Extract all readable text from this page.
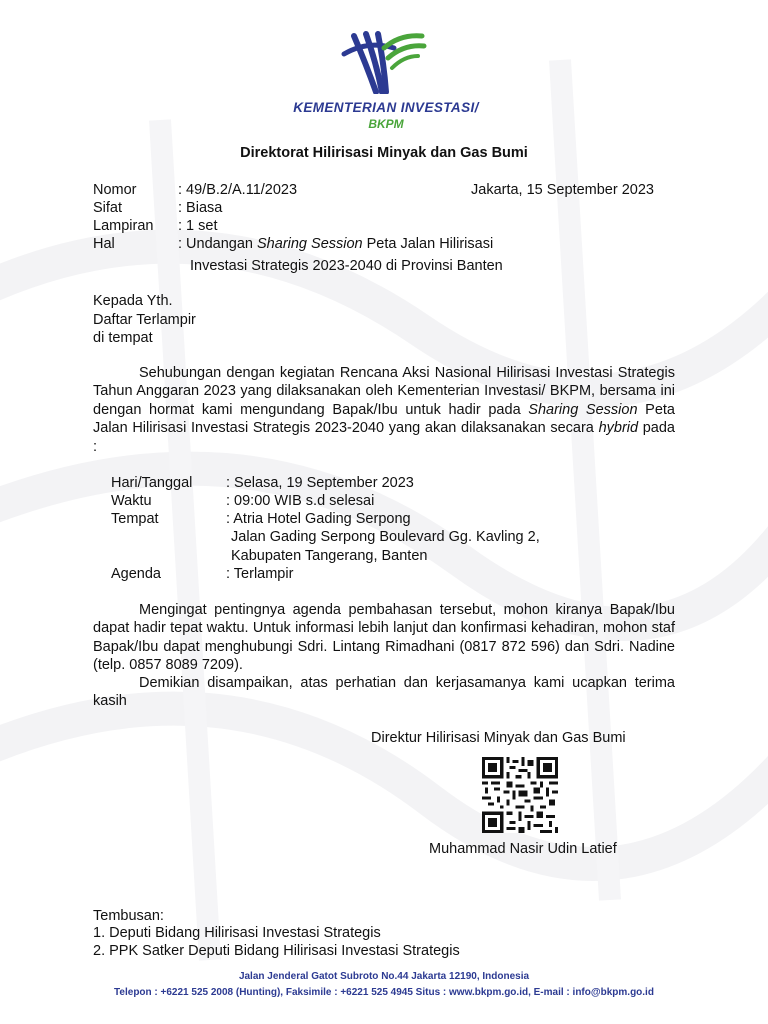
KEMENTERIAN INVESTASI/
BKPM
Direktorat Hilirisasi Minyak dan Gas Bumi
Nomor	: 49/B.2/A.11/2023	Jakarta, 15 September 2023
Sifat	: Biasa
Lampiran : 1 set
Hal	: Undangan Sharing Session Peta Jalan Hilirisasi
Investasi Strategis 2023-2040 di Provinsi Banten
Kepada Yth.
Daftar Terlampir
di tempat
Sehubungan dengan kegiatan Rencana Aksi Nasional Hilirisasi Investasi Strategis Tahun Anggaran 2023 yang dilaksanakan oleh Kementerian Investasi/ BKPM, bersama ini dengan hormat kami mengundang Bapak/Ibu untuk hadir pada Sharing Session Peta Jalan Hilirisasi Investasi Strategis 2023-2040 yang akan dilaksanakan secara hybrid pada :
Hari/Tanggal : Selasa, 19 September 2023
Waktu	: 09:00 WIB s.d selesai
Tempat	: Atria Hotel Gading Serpong
Jalan Gading Serpong Boulevard Gg. Kavling 2,
Kabupaten Tangerang, Banten
Agenda	: Terlampir
Mengingat pentingnya agenda pembahasan tersebut, mohon kiranya Bapak/Ibu dapat hadir tepat waktu. Untuk informasi lebih lanjut dan konfirmasi kehadiran, mohon staf Bapak/Ibu dapat menghubungi Sdri. Lintang Rimadhani (0817 872 596) dan Sdri. Nadine (telp. 0857 8089 7209).
Demikian disampaikan, atas perhatian dan kerjasamanya kami ucapkan terima kasih
Direktur Hilirisasi Minyak dan Gas Bumi
Muhammad Nasir Udin Latief
Tembusan:
1. Deputi Bidang Hilirisasi Investasi Strategis
2. PPK Satker Deputi Bidang Hilirisasi Investasi Strategis
Jalan Jenderal Gatot Subroto No.44 Jakarta 12190, Indonesia
Telepon : +6221 525 2008 (Hunting), Faksimile : +6221 525 4945 Situs : www.bkpm.go.id, E-mail : info@bkpm.go.id
